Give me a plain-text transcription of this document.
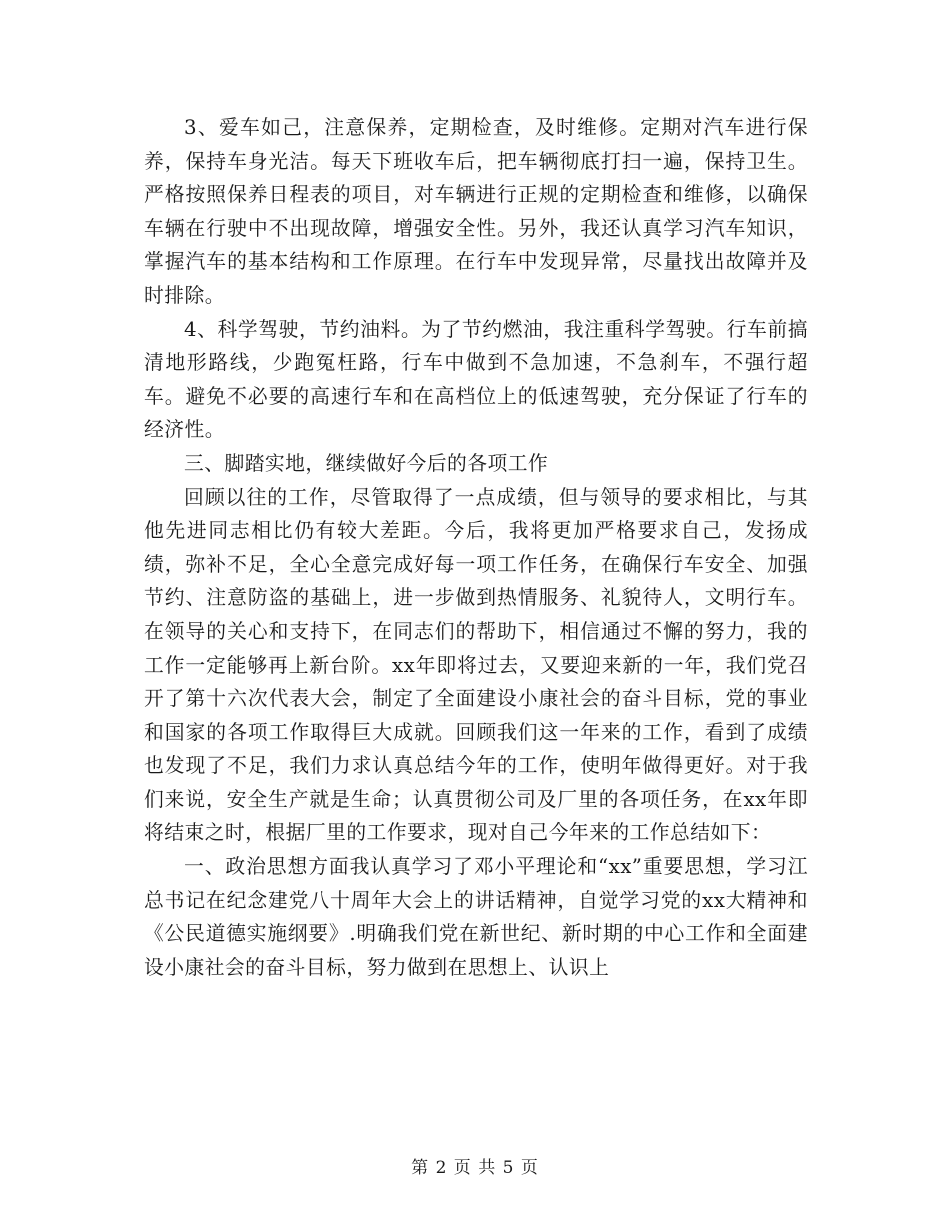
3、爱车如己，注意保养，定期检查，及时维修。定期对汽车进行保养，保持车身光洁。每天下班收车后，把车辆彻底打扫一遍，保持卫生。严格按照保养日程表的项目，对车辆进行正规的定期检查和维修，以确保车辆在行驶中不出现故障，增强安全性。另外，我还认真学习汽车知识，掌握汽车的基本结构和工作原理。在行车中发现异常，尽量找出故障并及时排除。

4、科学驾驶，节约油料。为了节约燃油，我注重科学驾驶。行车前搞清地形路线，少跑冤枉路，行车中做到不急加速，不急刹车，不强行超车。避免不必要的高速行车和在高档位上的低速驾驶，充分保证了行车的经济性。

三、脚踏实地，继续做好今后的各项工作

回顾以往的工作，尽管取得了一点成绩，但与领导的要求相比，与其他先进同志相比仍有较大差距。今后，我将更加严格要求自己，发扬成绩，弥补不足，全心全意完成好每一项工作任务，在确保行车安全、加强节约、注意防盗的基础上，进一步做到热情服务、礼貌待人，文明行车。在领导的关心和支持下，在同志们的帮助下，相信通过不懈的努力，我的工作一定能够再上新台阶。xx年即将过去，又要迎来新的一年，我们党召开了第十六次代表大会，制定了全面建设小康社会的奋斗目标，党的事业和国家的各项工作取得巨大成就。回顾我们这一年来的工作，看到了成绩也发现了不足，我们力求认真总结今年的工作，使明年做得更好。对于我们来说，安全生产就是生命；认真贯彻公司及厂里的各项任务，在xx年即将结束之时，根据厂里的工作要求，现对自己今年来的工作总结如下：

一、政治思想方面我认真学习了邓小平理论和“xx”重要思想，学习江总书记在纪念建党八十周年大会上的讲话精神，自觉学习党的xx大精神和《公民道德实施纲要》.明确我们党在新世纪、新时期的中心工作和全面建设小康社会的奋斗目标，努力做到在思想上、认识上

第 2 页 共 5 页
